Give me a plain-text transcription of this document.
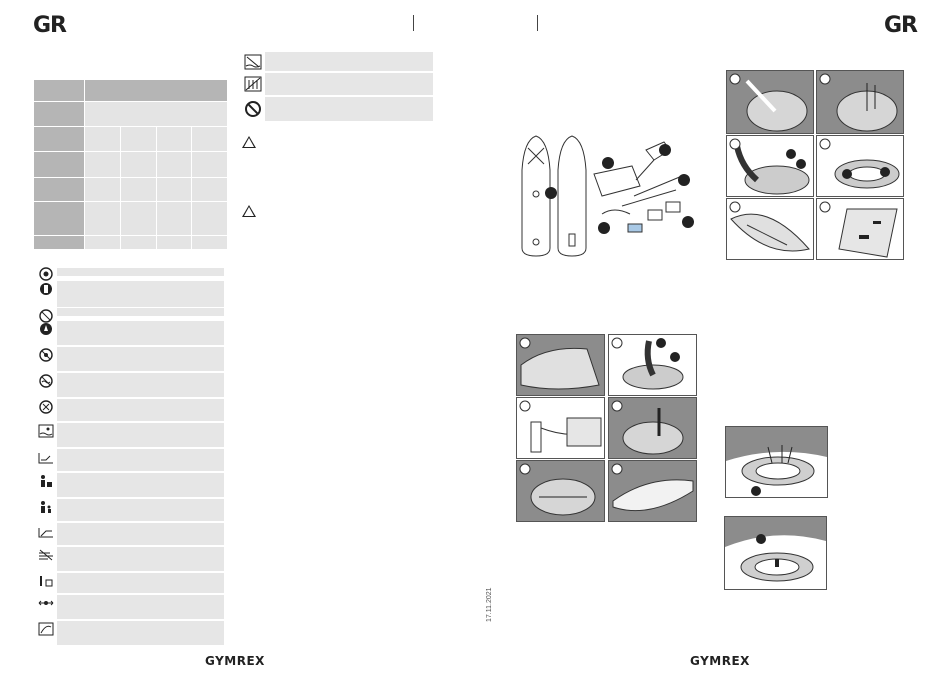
GR	GR
!
!
GYMREX	GYMREX
17.11.2021
